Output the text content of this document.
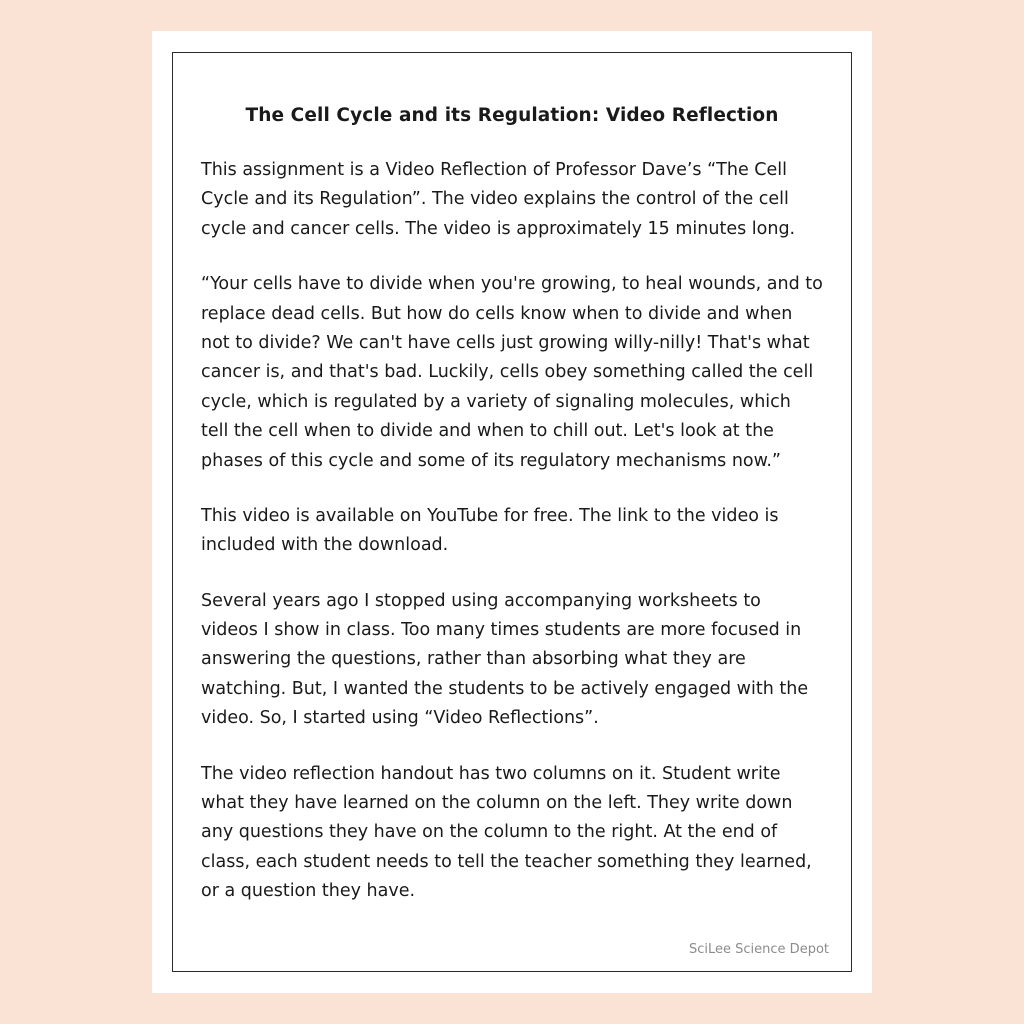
The Cell Cycle and its Regulation: Video Reflection

This assignment is a Video Reflection of Professor Dave’s “The Cell Cycle and its Regulation”. The video explains the control of the cell cycle and cancer cells. The video is approximately 15 minutes long.

“Your cells have to divide when you're growing, to heal wounds, and to replace dead cells. But how do cells know when to divide and when not to divide? We can't have cells just growing willy-nilly! That's what cancer is, and that's bad. Luckily, cells obey something called the cell cycle, which is regulated by a variety of signaling molecules, which tell the cell when to divide and when to chill out. Let's look at the phases of this cycle and some of its regulatory mechanisms now.”

This video is available on YouTube for free. The link to the video is included with the download.

Several years ago I stopped using accompanying worksheets to videos I show in class. Too many times students are more focused in answering the questions, rather than absorbing what they are watching. But, I wanted the students to be actively engaged with the video. So, I started using “Video Reflections”.

The video reflection handout has two columns on it. Student write what they have learned on the column on the left. They write down any questions they have on the column to the right. At the end of class, each student needs to tell the teacher something they learned, or a question they have.

SciLee Science Depot
